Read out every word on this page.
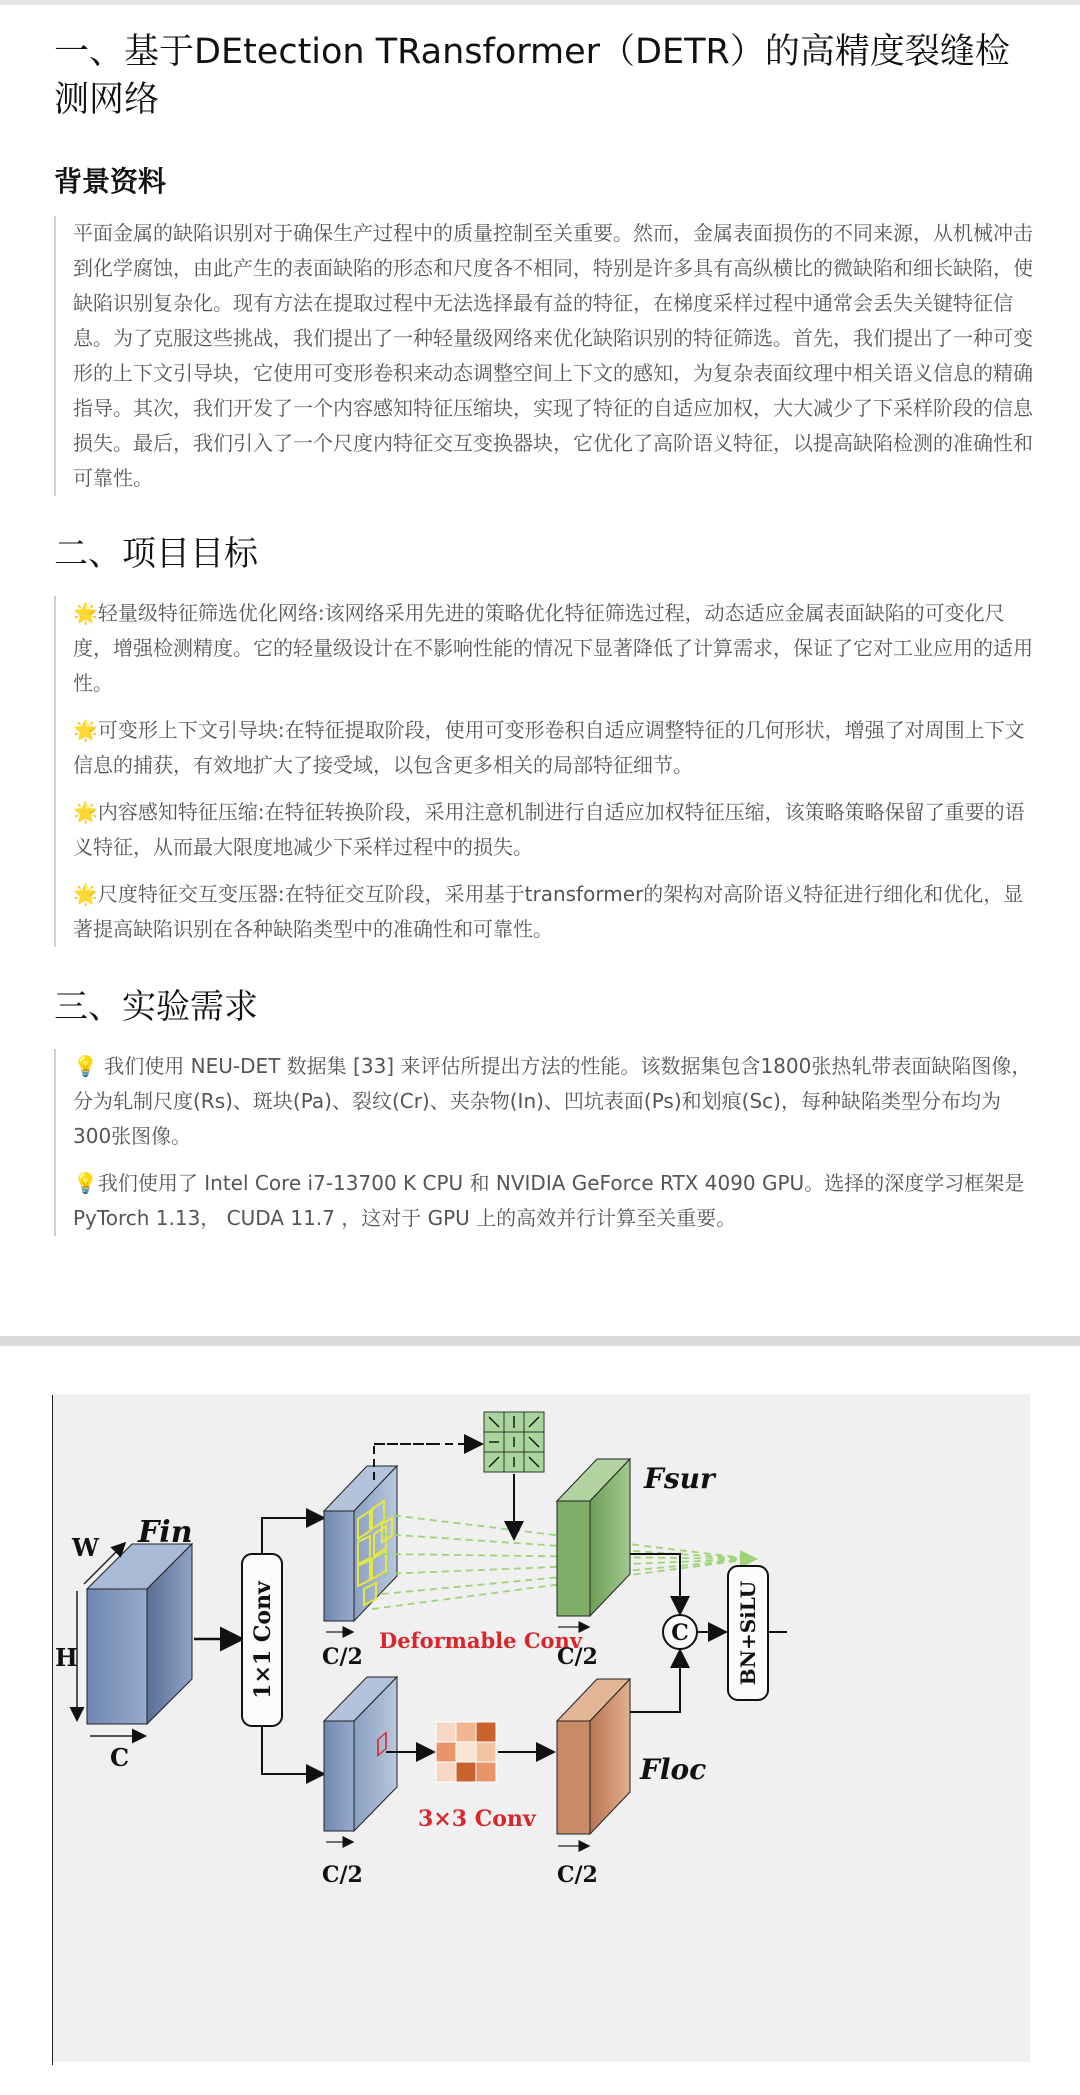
一、基于DEtection TRansformer（DETR）的高精度裂缝检测网络
背景资料

平面金属的缺陷识别对于确保生产过程中的质量控制至关重要。然而，金属表面损伤的不同来源，从机械冲击到化学腐蚀，由此产生的表面缺陷的形态和尺度各不相同，特别是许多具有高纵横比的微缺陷和细长缺陷，使缺陷识别复杂化。现有方法在提取过程中无法选择最有益的特征，在梯度采样过程中通常会丢失关键特征信息。为了克服这些挑战，我们提出了一种轻量级网络来优化缺陷识别的特征筛选。首先，我们提出了一种可变形的上下文引导块，它使用可变形卷积来动态调整空间上下文的感知，为复杂表面纹理中相关语义信息的精确指导。其次，我们开发了一个内容感知特征压缩块，实现了特征的自适应加权，大大减少了下采样阶段的信息损失。最后，我们引入了一个尺度内特征交互变换器块，它优化了高阶语义特征，以提高缺陷检测的准确性和可靠性。

二、项目目标

🌟轻量级特征筛选优化网络:该网络采用先进的策略优化特征筛选过程，动态适应金属表面缺陷的可变化尺度，增强检测精度。它的轻量级设计在不影响性能的情况下显著降低了计算需求，保证了它对工业应用的适用性。

🌟可变形上下文引导块:在特征提取阶段，使用可变形卷积自适应调整特征的几何形状，增强了对周围上下文信息的捕获，有效地扩大了接受域，以包含更多相关的局部特征细节。

🌟内容感知特征压缩:在特征转换阶段，采用注意机制进行自适应加权特征压缩，该策略策略保留了重要的语义特征，从而最大限度地减少下采样过程中的损失。

🌟尺度特征交互变压器:在特征交互阶段，采用基于transformer的架构对高阶语义特征进行细化和优化，显著提高缺陷识别在各种缺陷类型中的准确性和可靠性。

三、实验需求

💡 我们使用 NEU-DET 数据集 [33] 来评估所提出方法的性能。该数据集包含1800张热轧带表面缺陷图像，分为轧制尺度(Rs)、斑块(Pa)、裂纹(Cr)、夹杂物(In)、凹坑表面(Ps)和划痕(Sc)，每种缺陷类型分布均为300张图像。

💡我们使用了 Intel Core i7-13700 K CPU 和 NVIDIA GeForce RTX 4090 GPU。选择的深度学习框架是 PyTorch 1.13， CUDA 11.7 ，这对于 GPU 上的高效并行计算至关重要。

Fin
W
H
C
1×1 Conv C/2
Deformable Conv
Fsur
C/2
C BN+SiLU
C/2
3×3 Conv
Floc
C/2
